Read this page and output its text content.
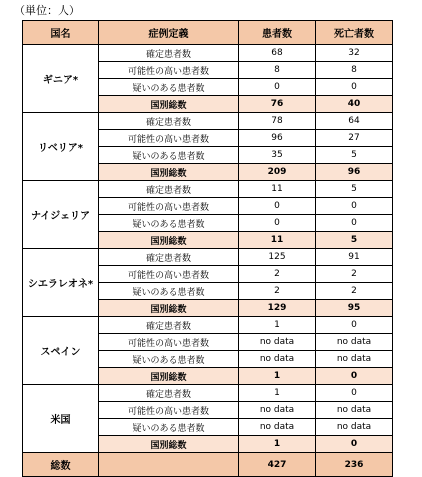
（単位：人）
国名	症例定義	患者数	死亡者数
ギニア*	確定患者数	68	32
	可能性の高い患者数	8	8
	疑いのある患者数	0	0
	国別総数	76	40
リベリア*	確定患者数	78	64
	可能性の高い患者数	96	27
	疑いのある患者数	35	5
	国別総数	209	96
ナイジェリア	確定患者数	11	5
	可能性の高い患者数	0	0
	疑いのある患者数	0	0
	国別総数	11	5
シエラレオネ*	確定患者数	125	91
	可能性の高い患者数	2	2
	疑いのある患者数	2	2
	国別総数	129	95
スペイン	確定患者数	1	0
	可能性の高い患者数	no data	no data
	疑いのある患者数	no data	no data
	国別総数	1	0
米国	確定患者数	1	0
	可能性の高い患者数	no data	no data
	疑いのある患者数	no data	no data
	国別総数	1	0
総数		427	236
